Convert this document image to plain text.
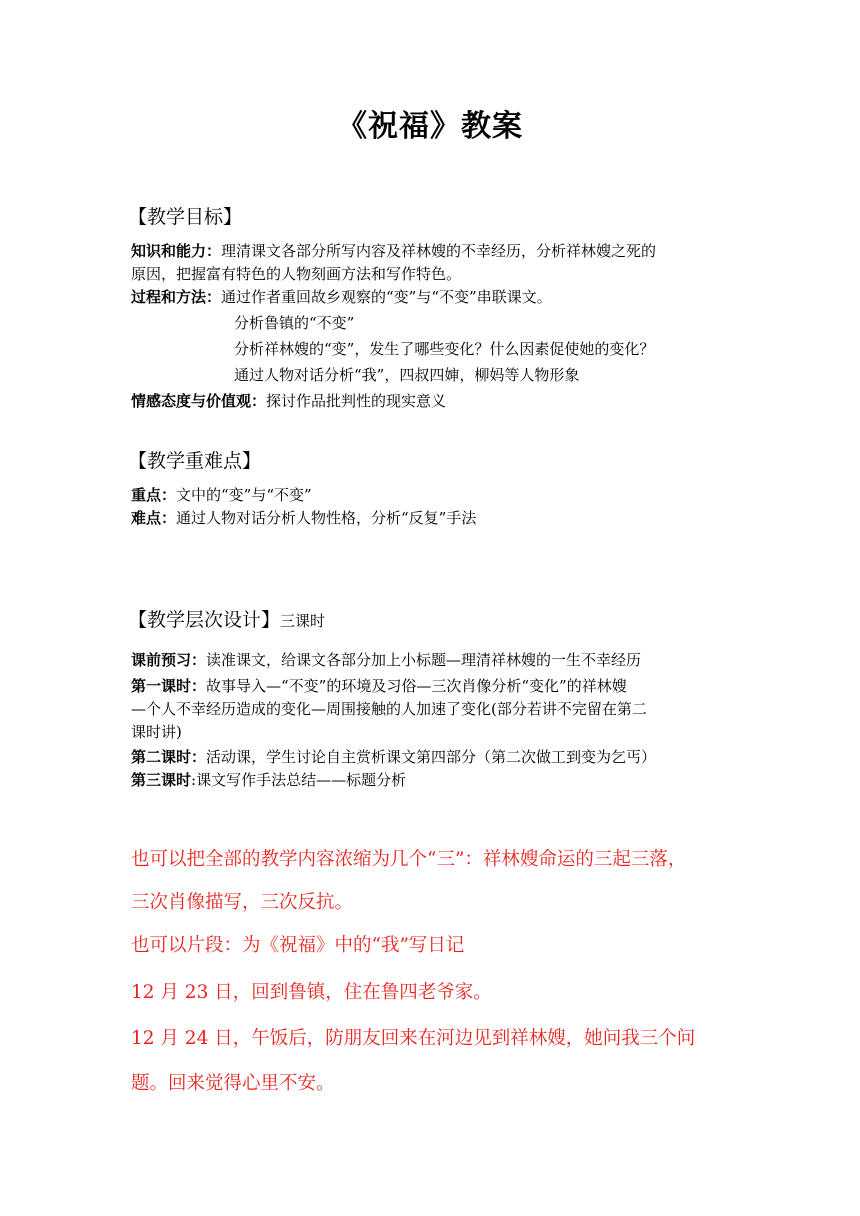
《祝福》教案
【教学目标】
知识和能力：理清课文各部分所写内容及祥林嫂的不幸经历，分析祥林嫂之死的
原因，把握富有特色的人物刻画方法和写作特色。
过程和方法：通过作者重回故乡观察的“变”与“不变”串联课文。
分析鲁镇的“不变”
分析祥林嫂的“变”，发生了哪些变化？什么因素促使她的变化？
通过人物对话分析“我”，四叔四婶，柳妈等人物形象
情感态度与价值观：探讨作品批判性的现实意义
【教学重难点】
重点：文中的“变”与“不变”
难点：通过人物对话分析人物性格，分析“反复”手法
【教学层次设计】三课时
课前预习：读准课文，给课文各部分加上小标题—理清祥林嫂的一生不幸经历
第一课时：故事导入—“不变”的环境及习俗—三次肖像分析“变化”的祥林嫂
—个人不幸经历造成的变化—周围接触的人加速了变化(部分若讲不完留在第二
课时讲)
第二课时：活动课，学生讨论自主赏析课文第四部分（第二次做工到变为乞丐）
第三课时:课文写作手法总结——标题分析
也可以把全部的教学内容浓缩为几个“三”：祥林嫂命运的三起三落，
三次肖像描写，三次反抗。
也可以片段：为《祝福》中的“我”写日记
12 月 23 日，回到鲁镇，住在鲁四老爷家。
12 月 24 日，午饭后，防朋友回来在河边见到祥林嫂，她问我三个问
题。回来觉得心里不安。
